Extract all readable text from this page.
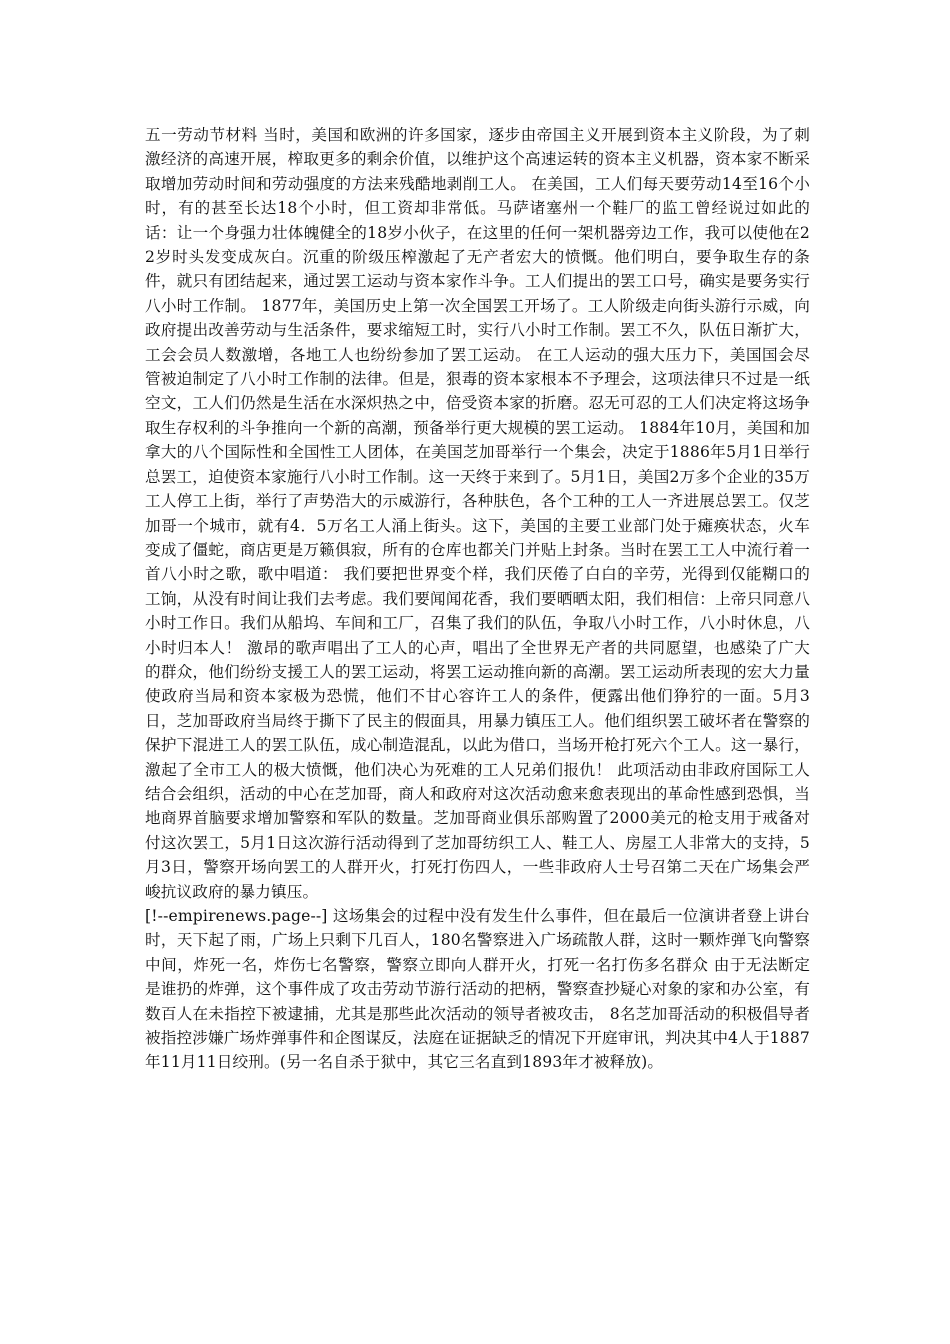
五一劳动节材料 当时，美国和欧洲的许多国家，逐步由帝国主义开展到资本主义阶段，为了刺激经济的高速开展，榨取更多的剩余价值，以维护这个高速运转的资本主义机器，资本家不断采取增加劳动时间和劳动强度的方法来残酷地剥削工人。 在美国，工人们每天要劳动14至16个小时，有的甚至长达18个小时，但工资却非常低。马萨诸塞州一个鞋厂的监工曾经说过如此的话：让一个身强力壮体魄健全的18岁小伙子，在这里的任何一架机器旁边工作，我可以使他在22岁时头发变成灰白。沉重的阶级压榨激起了无产者宏大的愤慨。他们明白，要争取生存的条件，就只有团结起来，通过罢工运动与资本家作斗争。工人们提出的罢工口号，确实是要务实行八小时工作制。 1877年，美国历史上第一次全国罢工开场了。工人阶级走向街头游行示威，向政府提出改善劳动与生活条件，要求缩短工时，实行八小时工作制。罢工不久，队伍日渐扩大，工会会员人数激增，各地工人也纷纷参加了罢工运动。 在工人运动的强大压力下，美国国会尽管被迫制定了八小时工作制的法律。但是，狠毒的资本家根本不予理会，这项法律只不过是一纸空文，工人们仍然是生活在水深炽热之中，倍受资本家的折磨。忍无可忍的工人们决定将这场争取生存权利的斗争推向一个新的高潮，预备举行更大规模的罢工运动。 1884年10月，美国和加拿大的八个国际性和全国性工人团体，在美国芝加哥举行一个集会，决定于1886年5月1日举行总罢工，迫使资本家施行八小时工作制。这一天终于来到了。5月1日，美国2万多个企业的35万工人停工上街，举行了声势浩大的示威游行，各种肤色，各个工种的工人一齐进展总罢工。仅芝加哥一个城市，就有4．5万名工人涌上街头。这下，美国的主要工业部门处于瘫痪状态，火车变成了僵蛇，商店更是万籁俱寂，所有的仓库也都关门并贴上封条。当时在罢工工人中流行着一首八小时之歌，歌中唱道： 我们要把世界变个样，我们厌倦了白白的辛劳，光得到仅能糊口的工饷，从没有时间让我们去考虑。我们要闻闻花香，我们要晒晒太阳，我们相信：上帝只同意八小时工作日。我们从船坞、车间和工厂，召集了我们的队伍，争取八小时工作，八小时休息，八小时归本人！ 激昂的歌声唱出了工人的心声，唱出了全世界无产者的共同愿望，也感染了广大的群众，他们纷纷支援工人的罢工运动，将罢工运动推向新的高潮。罢工运动所表现的宏大力量使政府当局和资本家极为恐慌，他们不甘心容许工人的条件，便露出他们狰狞的一面。5月3日，芝加哥政府当局终于撕下了民主的假面具，用暴力镇压工人。他们组织罢工破坏者在警察的保护下混进工人的罢工队伍，成心制造混乱，以此为借口，当场开枪打死六个工人。这一暴行，激起了全市工人的极大愤慨，他们决心为死难的工人兄弟们报仇！ 此项活动由非政府国际工人结合会组织，活动的中心在芝加哥，商人和政府对这次活动愈来愈表现出的革命性感到恐惧，当地商界首脑要求增加警察和军队的数量。芝加哥商业俱乐部购置了2000美元的枪支用于戒备对付这次罢工，5月1日这次游行活动得到了芝加哥纺织工人、鞋工人、房屋工人非常大的支持，5月3日，警察开场向罢工的人群开火，打死打伤四人，一些非政府人士号召第二天在广场集会严峻抗议政府的暴力镇压。

[!--empirenews.page--] 这场集会的过程中没有发生什么事件，但在最后一位演讲者登上讲台时，天下起了雨，广场上只剩下几百人，180名警察进入广场疏散人群，这时一颗炸弹飞向警察中间，炸死一名，炸伤七名警察，警察立即向人群开火，打死一名打伤多名群众 由于无法断定是谁扔的炸弹，这个事件成了攻击劳动节游行活动的把柄，警察查抄疑心对象的家和办公室，有数百人在未指控下被逮捕，尤其是那些此次活动的领导者被攻击， 8名芝加哥活动的积极倡导者被指控涉嫌广场炸弹事件和企图谋反，法庭在证据缺乏的情况下开庭审讯，判决其中4人于1887年11月11日绞刑。(另一名自杀于狱中，其它三名直到1893年才被释放)。
